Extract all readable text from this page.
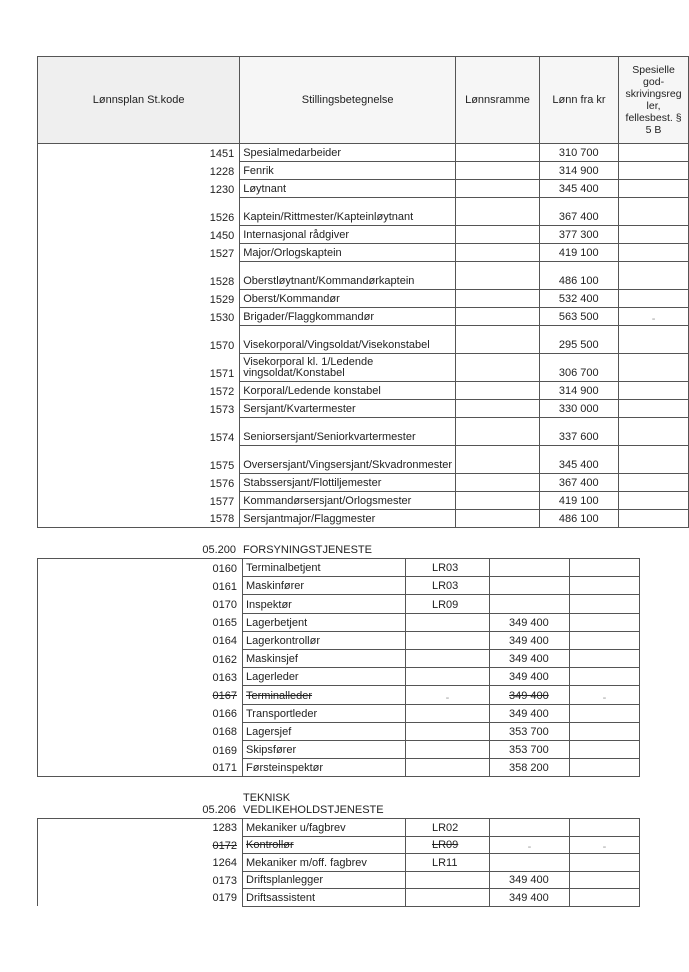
Lønnsplan St.kode	Stillingsbetegnelse	Lønnsramme	Lønn fra kr	Spesielle god-skrivingsreg ler, fellesbest. § 5 B
1451	Spesialmedarbeider		310 700	
1228	Fenrik		314 900	
1230	Løytnant		345 400	
1526	Kaptein/Rittmester/Kapteinløytnant		367 400	
1450	Internasjonal rådgiver		377 300	
1527	Major/Orlogskaptein		419 100	
1528	Oberstløytnant/Kommandørkaptein		486 100	
1529	Oberst/Kommandør		532 400	
1530	Brigader/Flaggkommandør		563 500	-
1570	Visekorporal/Vingsoldat/Visekonstabel		295 500	
1571	Visekorporal kl. 1/Ledende vingsoldat/Konstabel		306 700	
1572	Korporal/Ledende konstabel		314 900	
1573	Sersjant/Kvartermester		330 000	
1574	Seniorsersjant/Seniorkvartermester		337 600	
1575	Oversersjant/Vingsersjant/Skvadronmester		345 400	
1576	Stabssersjant/Flottiljemester		367 400	
1577	Kommandørsersjant/Orlogsmester		419 100	
1578	Sersjantmajor/Flaggmester		486 100	
05.200 FORSYNINGSTJENESTE
0160	Terminalbetjent	LR03		
0161	Maskinfører	LR03		
0170	Inspektør	LR09		
0165	Lagerbetjent		349 400	
0164	Lagerkontrollør		349 400	
0162	Maskinsjef		349 400	
0163	Lagerleder		349 400	
0167	Terminalleder	-	349 400	-
0166	Transportleder		349 400	
0168	Lagersjef		353 700	
0169	Skipsfører		353 700	
0171	Førsteinspektør		358 200	
TEKNISK
05.206 VEDLIKEHOLDSTJENESTE
1283	Mekaniker u/fagbrev	LR02		
0172	Kontrollør	LR09	-	-
1264	Mekaniker m/off. fagbrev	LR11		
0173	Driftsplanlegger		349 400	
0179	Driftsassistent		349 400	
